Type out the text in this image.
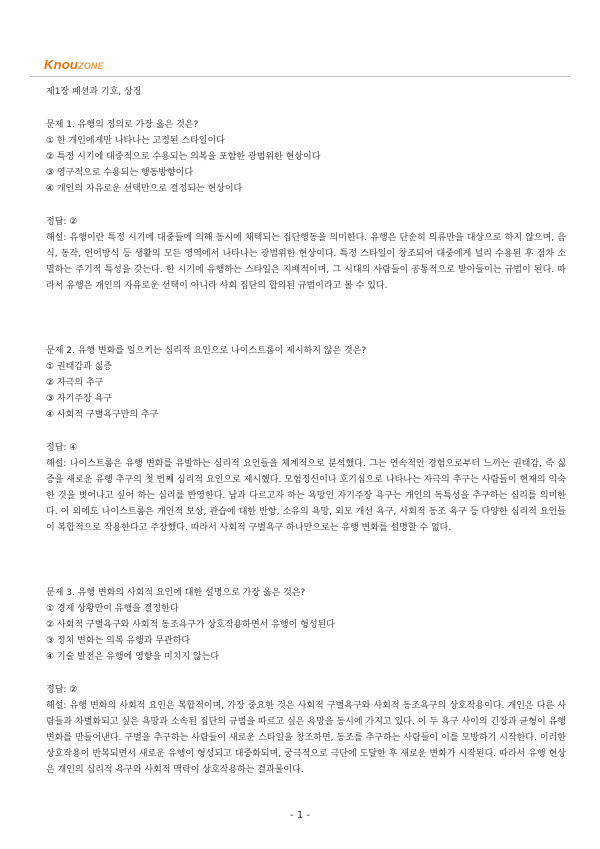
KnouZONE

제1장 패션과 기호, 상징

문제 1. 유행의 정의로 가장 옳은 것은?

① 한 개인에게만 나타나는 고정된 스타일이다

② 특정 시기에 대중적으로 수용되는 의복을 포함한 광범위한 현상이다

③ 영구적으로 수용되는 행동방향이다

④ 개인의 자유로운 선택만으로 결정되는 현상이다

정답: ②

해설: 유행이란 특정 시기에 대중들에 의해 동시에 채택되는 집단행동을 의미한다. 유행은 단순히 의류만을 대상으로 하지 않으며, 음식, 동작, 언어방식 등 생활의 모든 영역에서 나타나는 광범위한 현상이다. 특정 스타일이 창조되어 대중에게 널리 수용된 후 점차 소멸하는 주기적 특성을 갖는다. 한 시기에 유행하는 스타일은 지배적이며, 그 시대의 사람들이 공통적으로 받아들이는 규범이 된다. 따라서 유행은 개인의 자유로운 선택이 아니라 사회 집단의 합의된 규범이라고 볼 수 있다.

문제 2. 유행 변화를 일으키는 심리적 요인으로 나이스트롬이 제시하지 않은 것은?

① 권태감과 싫증

② 자극의 추구

③ 자기주장 욕구

④ 사회적 구별욕구만의 추구

정답: ④

해설: 나이스트롬은 유행 변화를 유발하는 심리적 요인들을 체계적으로 분석했다. 그는 연속적인 경험으로부터 느끼는 권태감, 즉 싫증을 새로운 유행 추구의 첫 번째 심리적 요인으로 제시했다. 모험정신이나 호기심으로 나타나는 자극의 추구는 사람들이 현재의 익숙한 것을 벗어나고 싶어 하는 심리를 반영한다. 남과 다르고자 하는 욕망인 자기주장 욕구는 개인의 독특성을 추구하는 심리를 의미한다. 이 외에도 나이스트롬은 개인적 보상, 관습에 대한 반항, 소유의 욕망, 외모 개선 욕구, 사회적 동조 욕구 등 다양한 심리적 요인들이 복합적으로 작용한다고 주장했다. 따라서 사회적 구별욕구 하나만으로는 유행 변화를 설명할 수 없다.

문제 3. 유행 변화의 사회적 요인에 대한 설명으로 가장 옳은 것은?

① 경제 상황만이 유행을 결정한다

② 사회적 구별욕구와 사회적 동조욕구가 상호작용하면서 유행이 형성된다

③ 정치 변화는 의복 유행과 무관하다

④ 기술 발전은 유행에 영향을 미치지 않는다

정답: ②

해설: 유행 변화의 사회적 요인은 복합적이며, 가장 중요한 것은 사회적 구별욕구와 사회적 동조욕구의 상호작용이다. 개인은 다른 사람들과 차별화되고 싶은 욕망과 소속된 집단의 규범을 따르고 싶은 욕망을 동시에 가지고 있다. 이 두 욕구 사이의 긴장과 균형이 유행 변화를 만들어낸다. 구별을 추구하는 사람들이 새로운 스타일을 창조하면, 동조를 추구하는 사람들이 이를 모방하기 시작한다. 이러한 상호작용이 반복되면서 새로운 유행이 형성되고 대중화되며, 궁극적으로 극단에 도달한 후 새로운 변화가 시작된다. 따라서 유행 현상은 개인의 심리적 욕구와 사회적 맥락이 상호작용하는 결과물이다.

- 1 -
